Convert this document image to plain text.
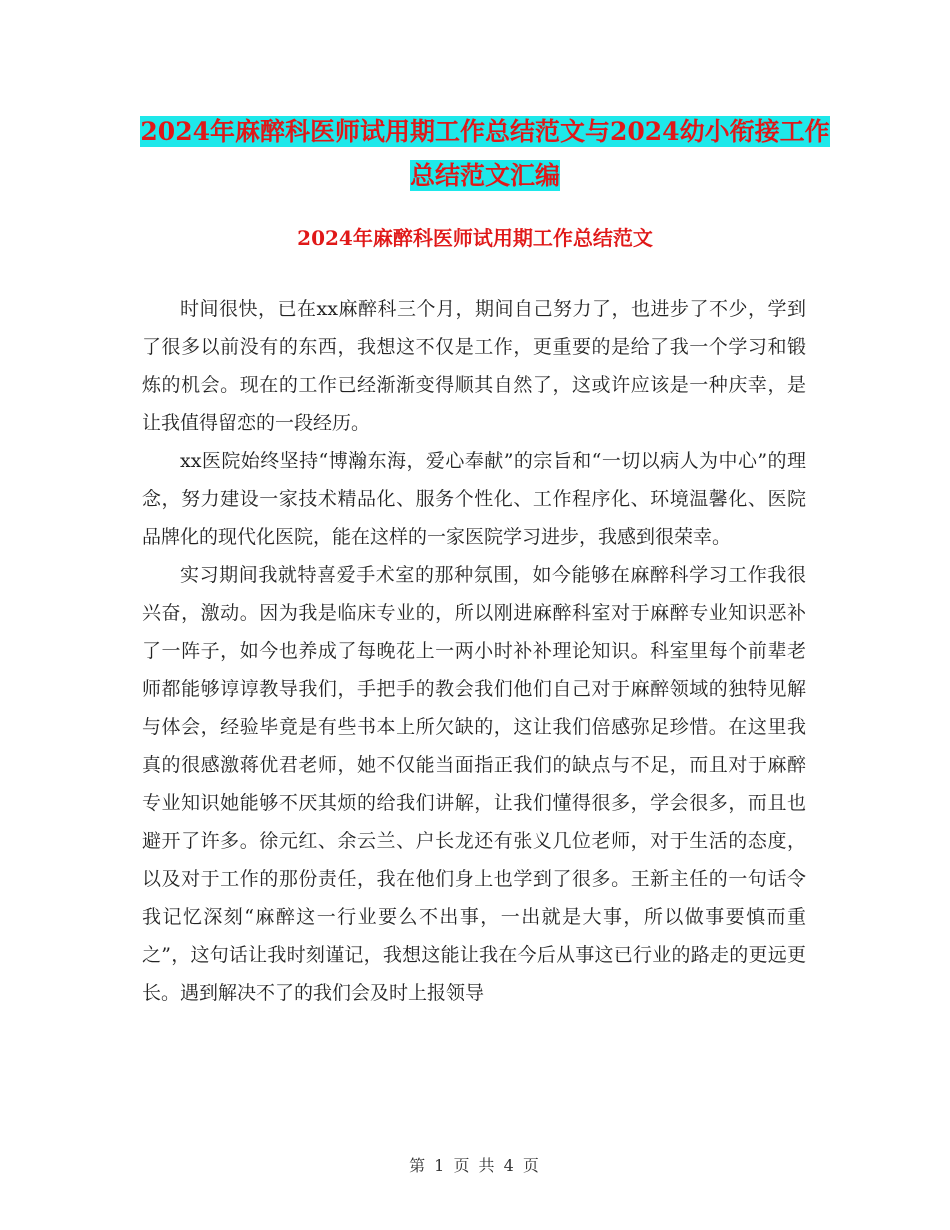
2024年麻醉科医师试用期工作总结范文与2024幼小衔接工作总结范文汇编
2024年麻醉科医师试用期工作总结范文

时间很快，已在xx麻醉科三个月，期间自己努力了，也进步了不少，学到了很多以前没有的东西，我想这不仅是工作，更重要的是给了我一个学习和锻炼的机会。现在的工作已经渐渐变得顺其自然了，这或许应该是一种庆幸，是让我值得留恋的一段经历。

xx医院始终坚持“博瀚东海，爱心奉献”的宗旨和“一切以病人为中心”的理念，努力建设一家技术精品化、服务个性化、工作程序化、环境温馨化、医院品牌化的现代化医院，能在这样的一家医院学习进步，我感到很荣幸。

实习期间我就特喜爱手术室的那种氛围，如今能够在麻醉科学习工作我很兴奋，激动。因为我是临床专业的，所以刚进麻醉科室对于麻醉专业知识恶补了一阵子，如今也养成了每晚花上一两小时补补理论知识。科室里每个前辈老师都能够谆谆教导我们，手把手的教会我们他们自己对于麻醉领域的独特见解与体会，经验毕竟是有些书本上所欠缺的，这让我们倍感弥足珍惜。在这里我真的很感激蒋优君老师，她不仅能当面指正我们的缺点与不足，而且对于麻醉专业知识她能够不厌其烦的给我们讲解，让我们懂得很多，学会很多，而且也避开了许多。徐元红、余云兰、户长龙还有张义几位老师，对于生活的态度，以及对于工作的那份责任，我在他们身上也学到了很多。王新主任的一句话令我记忆深刻“麻醉这一行业要么不出事，一出就是大事，所以做事要慎而重之”，这句话让我时刻谨记，我想这能让我在今后从事这已行业的路走的更远更长。遇到解决不了的我们会及时上报领导

第 1 页 共 4 页
